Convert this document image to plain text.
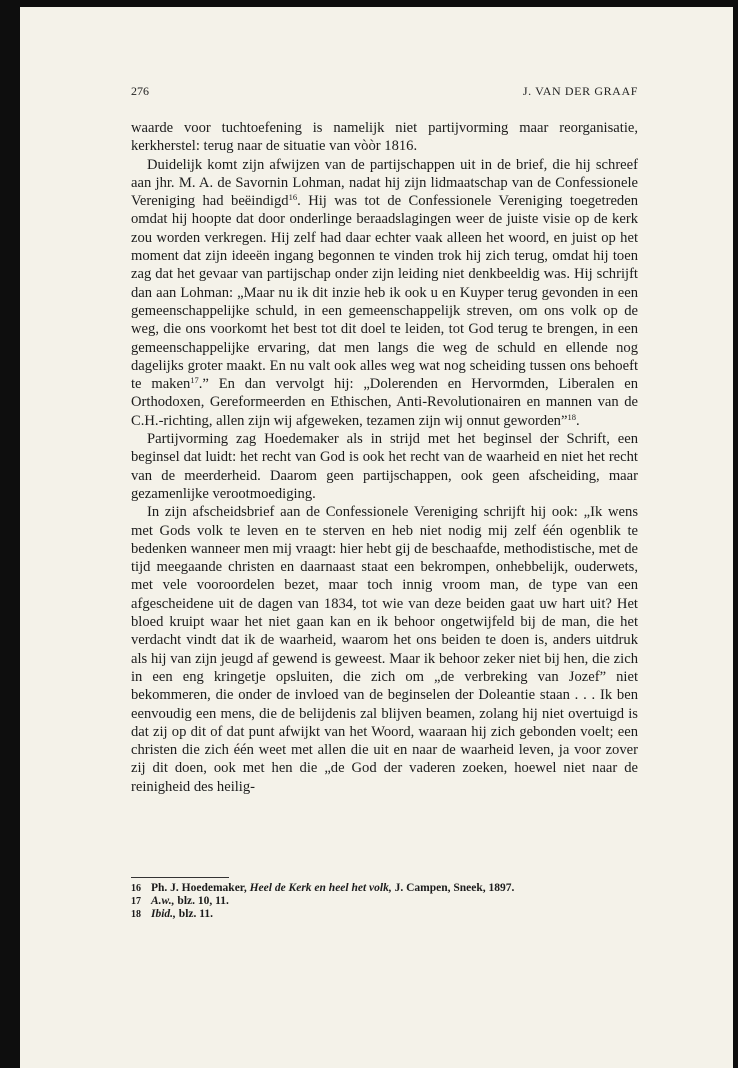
276	J. VAN DER GRAAF

waarde voor tuchtoefening is namelijk niet partijvorming maar reorganisatie, kerkherstel: terug naar de situatie van vòòr 1816.

Duidelijk komt zijn afwijzen van de partijschappen uit in de brief, die hij schreef aan jhr. M. A. de Savornin Lohman, nadat hij zijn lidmaatschap van de Confessionele Vereniging had beëindigd$^{16}$. Hij was tot de Confessionele Vereniging toegetreden omdat hij hoopte dat door onderlinge beraadslagingen weer de juiste visie op de kerk zou worden verkregen. Hij zelf had daar echter vaak alleen het woord, en juist op het moment dat zijn ideeën ingang begonnen te vinden trok hij zich terug, omdat hij toen zag dat het gevaar van partijschap onder zijn leiding niet denkbeeldig was. Hij schrijft dan aan Lohman: „Maar nu ik dit inzie heb ik ook u en Kuyper terug gevonden in een gemeenschappelijke schuld, in een gemeenschappelijk streven, om ons volk op de weg, die ons voorkomt het best tot dit doel te leiden, tot God terug te brengen, in een gemeenschappelijke ervaring, dat men langs die weg de schuld en ellende nog dagelijks groter maakt. En nu valt ook alles weg wat nog scheiding tussen ons behoeft te maken$^{17}$.” En dan vervolgt hij: „Dolerenden en Hervormden, Liberalen en Orthodoxen, Gereformeerden en Ethischen, Anti-Revolutionairen en mannen van de C.H.-richting, allen zijn wij afgeweken, tezamen zijn wij onnut geworden”$^{18}$.

Partijvorming zag Hoedemaker als in strijd met het beginsel der Schrift, een beginsel dat luidt: het recht van God is ook het recht van de waarheid en niet het recht van de meerderheid. Daarom geen partijschappen, ook geen afscheiding, maar gezamenlijke verootmoediging.

In zijn afscheidsbrief aan de Confessionele Vereniging schrijft hij ook: „Ik wens met Gods volk te leven en te sterven en heb niet nodig mij zelf één ogenblik te bedenken wanneer men mij vraagt: hier hebt gij de beschaafde, methodistische, met de tijd meegaande christen en daarnaast staat een bekrompen, onhebbelijk, ouderwets, met vele vooroordelen bezet, maar toch innig vroom man, de type van een afgescheidene uit de dagen van 1834, tot wie van deze beiden gaat uw hart uit? Het bloed kruipt waar het niet gaan kan en ik behoor ongetwijfeld bij de man, die het verdacht vindt dat ik de waarheid, waarom het ons beiden te doen is, anders uitdruk als hij van zijn jeugd af gewend is geweest. Maar ik behoor zeker niet bij hen, die zich in een eng kringetje opsluiten, die zich om „de verbreking van Jozef” niet bekommeren, die onder de invloed van de beginselen der Doleantie staan . . . Ik ben eenvoudig een mens, die de belijdenis zal blijven beamen, zolang hij niet overtuigd is dat zij op dit of dat punt afwijkt van het Woord, waaraan hij zich gebonden voelt; een christen die zich één weet met allen die uit en naar de waarheid leven, ja voor zover zij dit doen, ook met hen die „de God der vaderen zoeken, hoewel niet naar de reinigheid des heilig-

16 Ph. J. Hoedemaker, Heel de Kerk en heel het volk, J. Campen, Sneek, 1897.
17 A.w., blz. 10, 11.
18 Ibid., blz. 11.
